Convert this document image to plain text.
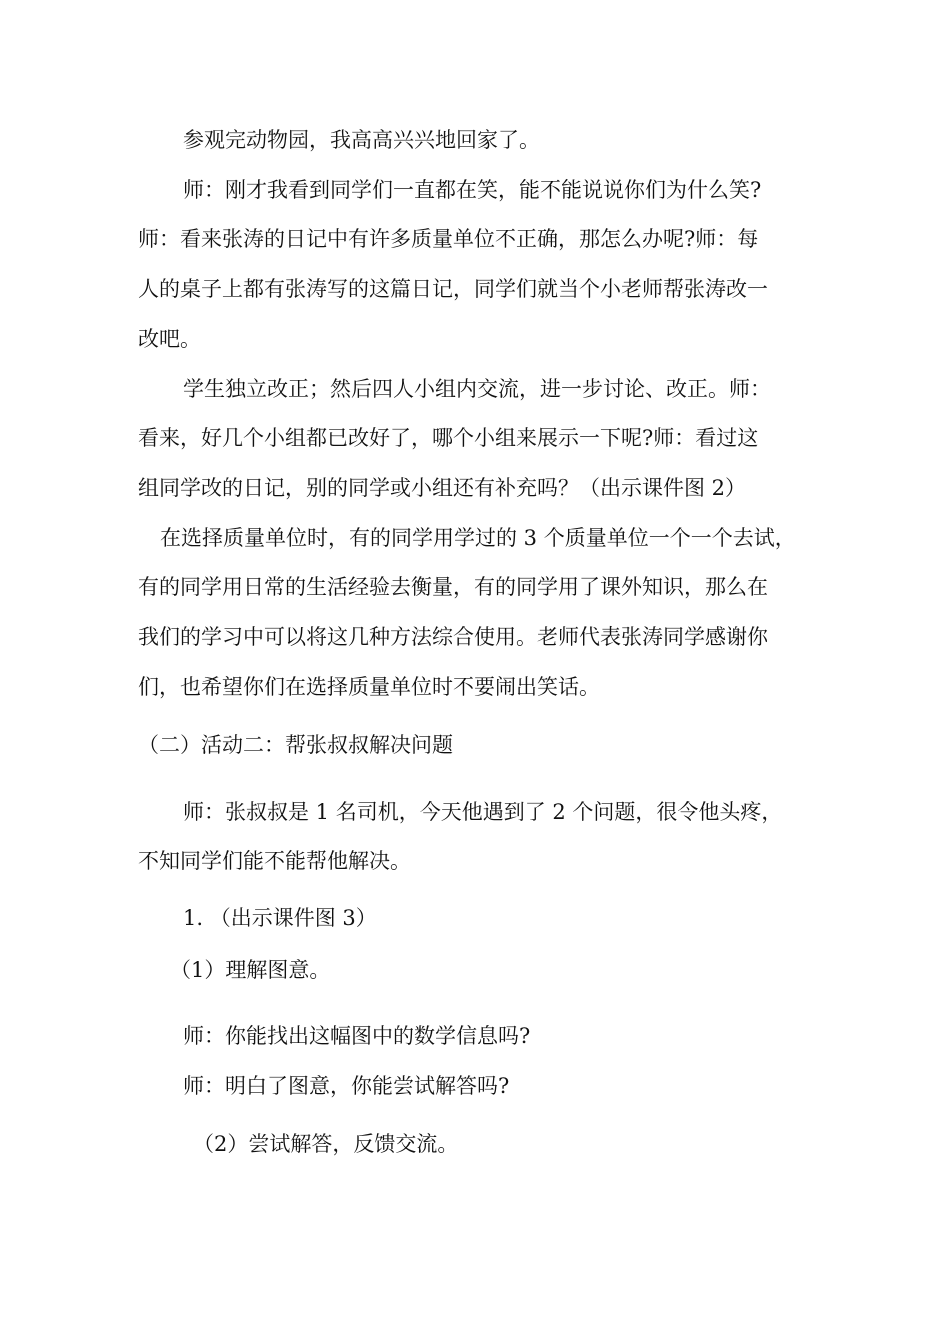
参观完动物园，我高高兴兴地回家了。

师：刚才我看到同学们一直都在笑，能不能说说你们为什么笑?

师：看来张涛的日记中有许多质量单位不正确，那怎么办呢?师：每

人的桌子上都有张涛写的这篇日记，同学们就当个小老师帮张涛改一

改吧。

学生独立改正；然后四人小组内交流，进一步讨论、改正。师：

看来，好几个小组都已改好了，哪个小组来展示一下呢?师：看过这

组同学改的日记，别的同学或小组还有补充吗？（出示课件图 2）

在选择质量单位时，有的同学用学过的 3 个质量单位一个一个去试，

有的同学用日常的生活经验去衡量，有的同学用了课外知识，那么在

我们的学习中可以将这几种方法综合使用。老师代表张涛同学感谢你

们，也希望你们在选择质量单位时不要闹出笑话。

（二）活动二：帮张叔叔解决问题

师：张叔叔是 1 名司机，今天他遇到了 2 个问题，很令他头疼，

不知同学们能不能帮他解决。

1. （出示课件图 3）

（1）理解图意。

师：你能找出这幅图中的数学信息吗?

师：明白了图意，你能尝试解答吗?

（2）尝试解答，反馈交流。
